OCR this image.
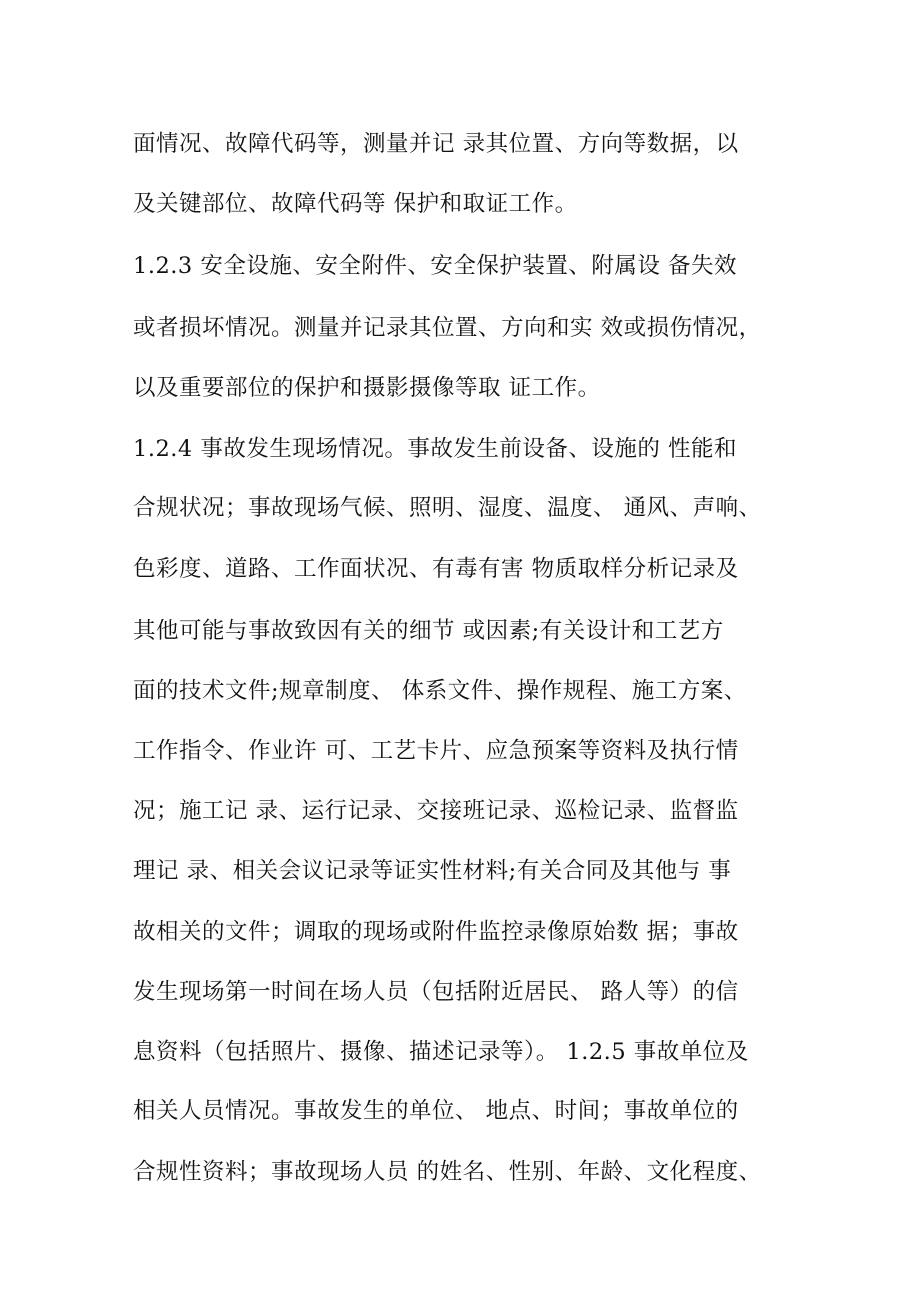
面情况、故障代码等，测量并记 录其位置、方向等数据，以
及关键部位、故障代码等 保护和取证工作。
1.2.3 安全设施、安全附件、安全保护装置、附属设 备失效
或者损坏情况。测量并记录其位置、方向和实 效或损伤情况，
以及重要部位的保护和摄影摄像等取 证工作。
1.2.4 事故发生现场情况。事故发生前设备、设施的 性能和
合规状况；事故现场气候、照明、湿度、温度、 通风、声响、
色彩度、道路、工作面状况、有毒有害 物质取样分析记录及
其他可能与事故致因有关的细节 或因素;有关设计和工艺方
面的技术文件;规章制度、 体系文件、操作规程、施工方案、
工作指令、作业许 可、工艺卡片、应急预案等资料及执行情
况；施工记 录、运行记录、交接班记录、巡检记录、监督监
理记 录、相关会议记录等证实性材料;有关合同及其他与 事
故相关的文件；调取的现场或附件监控录像原始数 据；事故
发生现场第一时间在场人员（包括附近居民、 路人等）的信
息资料（包括照片、摄像、描述记录等）。 1.2.5 事故单位及
相关人员情况。事故发生的单位、 地点、时间；事故单位的
合规性资料；事故现场人员 的姓名、性别、年龄、文化程度、
